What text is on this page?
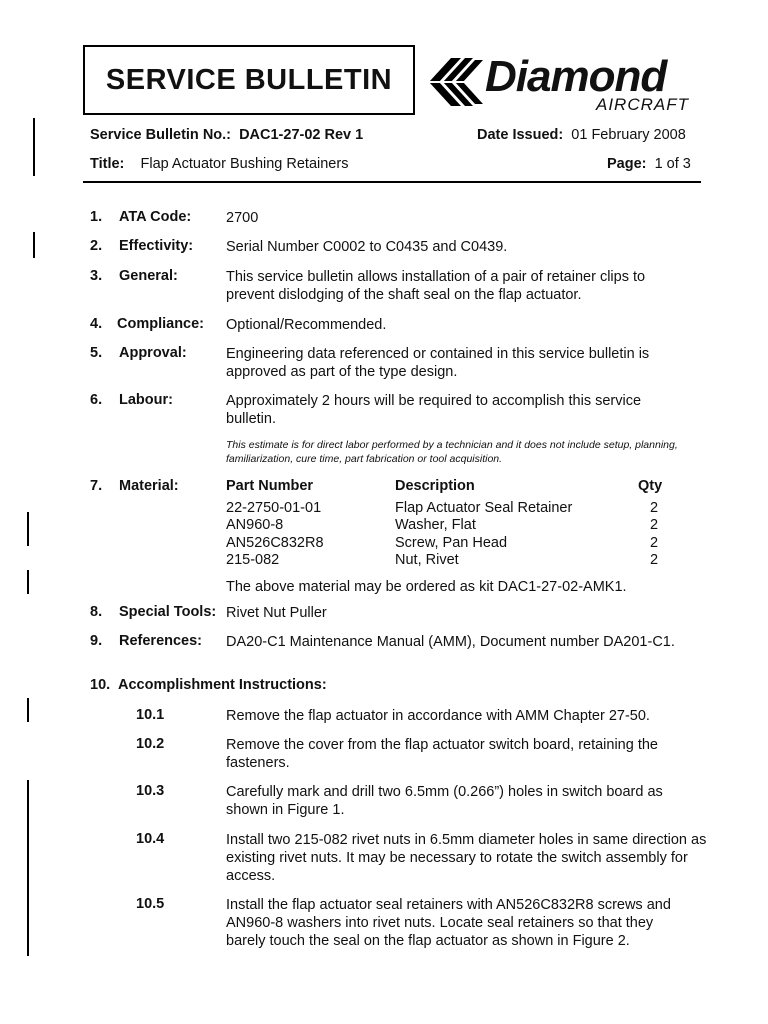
SERVICE BULLETIN Diamond
AIRCRAFT
Service Bulletin No.: DAC1-27-02 Rev 1	Date Issued: 01 February 2008
Title: Flap Actuator Bushing Retainers	Page: 1 of 3
1. ATA Code: 2700
2. Effectivity: Serial Number C0002 to C0435 and C0439.
3. General:	This service bulletin allows installation of a pair of retainer clips to prevent dislodging of the shaft seal on the flap actuator.
4. Compliance: Optional/Recommended.
5. Approval:	Engineering data referenced or contained in this service bulletin is approved as part of the type design.
6. Labour:	Approximately 2 hours will be required to accomplish this service bulletin.
This estimate is for direct labor performed by a technician and it does not include setup, planning, familiarization, cure time, part fabrication or tool acquisition.
7. Material:	Part Number	Description	Qty
22-2750-01-01	Flap Actuator Seal Retainer	2
AN960-8	Washer, Flat	2
AN526C832R8	Screw, Pan Head	2
215-082	Nut, Rivet	2
The above material may be ordered as kit DAC1-27-02-AMK1.
8. Special Tools: Rivet Nut Puller
9. References: DA20-C1 Maintenance Manual (AMM), Document number DA201-C1.
10. Accomplishment Instructions:
10.1	Remove the flap actuator in accordance with AMM Chapter 27-50.
10.2	Remove the cover from the flap actuator switch board, retaining the fasteners.
10.3	Carefully mark and drill two 6.5mm (0.266”) holes in switch board as shown in Figure 1.
10.4	Install two 215-082 rivet nuts in 6.5mm diameter holes in same direction as existing rivet nuts. It may be necessary to rotate the switch assembly for access.
10.5	Install the flap actuator seal retainers with AN526C832R8 screws and AN960-8 washers into rivet nuts. Locate seal retainers so that they barely touch the seal on the flap actuator as shown in Figure 2.
